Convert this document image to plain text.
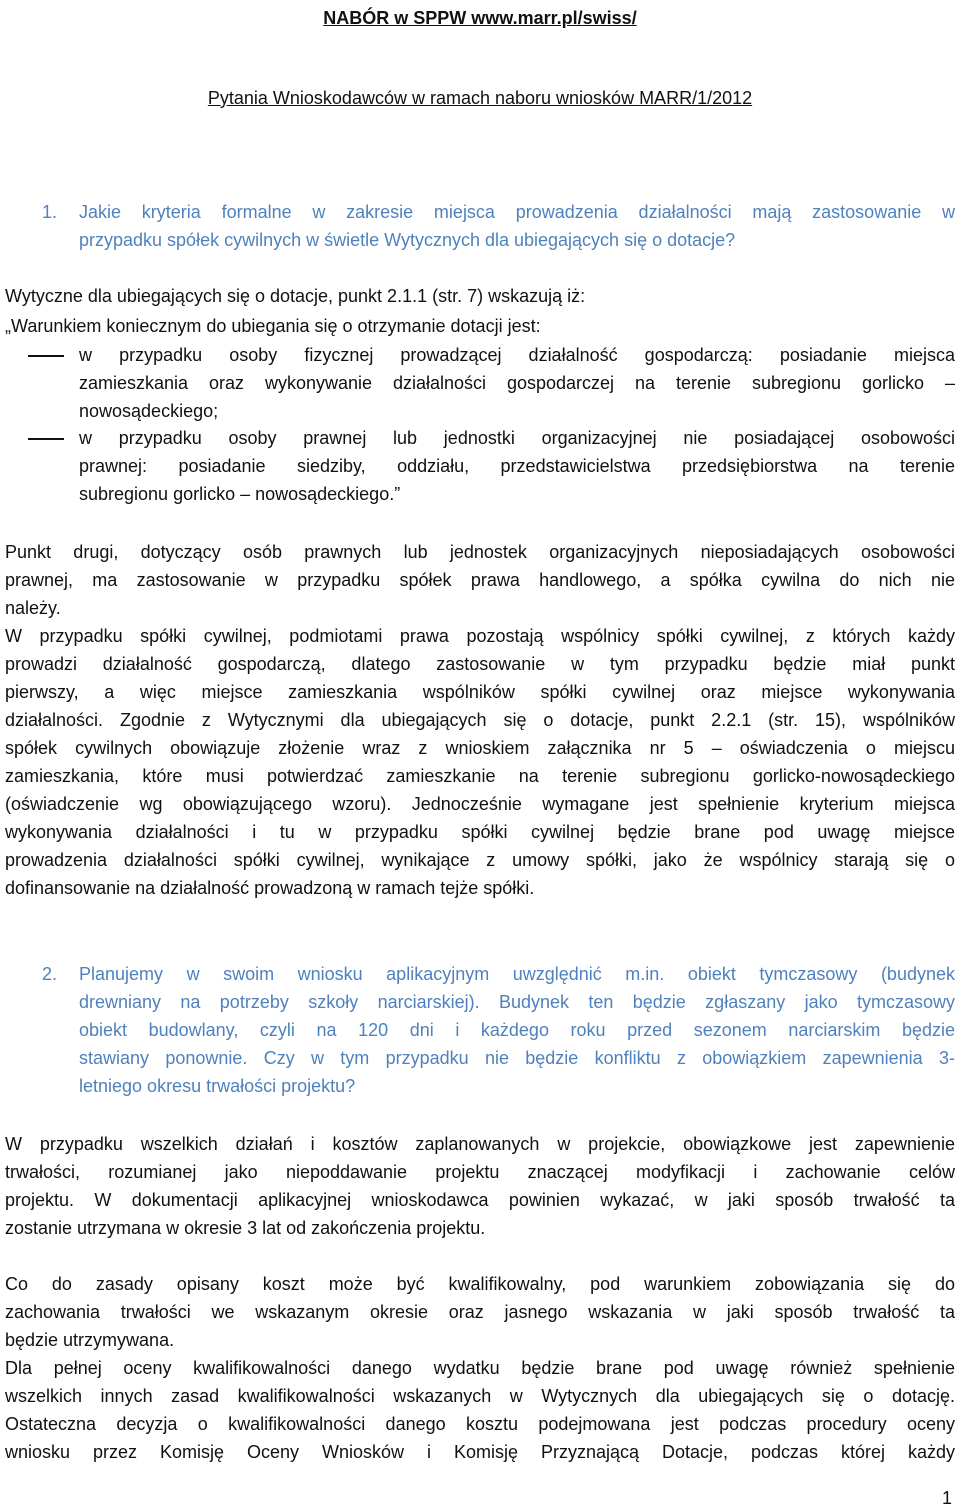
NABÓR w SPPW www.marr.pl/swiss/
Pytania Wnioskodawców w ramach naboru wniosków MARR/1/2012
1. Jakie kryteria formalne w zakresie miejsca prowadzenia działalności mają zastosowanie w
przypadku spółek cywilnych w świetle Wytycznych dla ubiegających się o dotacje?
Wytyczne dla ubiegających się o dotacje, punkt 2.1.1 (str. 7) wskazują iż:
„Warunkiem koniecznym do ubiegania się o otrzymanie dotacji jest:
w przypadku osoby fizycznej prowadzącej działalność gospodarczą: posiadanie miejsca
zamieszkania oraz wykonywanie działalności gospodarczej na terenie subregionu gorlicko –
nowosądeckiego;
w przypadku osoby prawnej lub jednostki organizacyjnej nie posiadającej osobowości
prawnej: posiadanie siedziby, oddziału, przedstawicielstwa przedsiębiorstwa na terenie
subregionu gorlicko – nowosądeckiego.”
Punkt drugi, dotyczący osób prawnych lub jednostek organizacyjnych nieposiadających osobowości
prawnej, ma zastosowanie w przypadku spółek prawa handlowego, a spółka cywilna do nich nie
należy.
W przypadku spółki cywilnej, podmiotami prawa pozostają wspólnicy spółki cywilnej, z których każdy
prowadzi działalność gospodarczą, dlatego zastosowanie w tym przypadku będzie miał punkt
pierwszy, a więc miejsce zamieszkania wspólników spółki cywilnej oraz miejsce wykonywania
działalności. Zgodnie z Wytycznymi dla ubiegających się o dotacje, punkt 2.2.1 (str. 15), wspólników
spółek cywilnych obowiązuje złożenie wraz z wnioskiem załącznika nr 5 – oświadczenia o miejscu
zamieszkania, które musi potwierdzać zamieszkanie na terenie subregionu gorlicko-nowosądeckiego
(oświadczenie wg obowiązującego wzoru). Jednocześnie wymagane jest spełnienie kryterium miejsca
wykonywania działalności i tu w przypadku spółki cywilnej będzie brane pod uwagę miejsce
prowadzenia działalności spółki cywilnej, wynikające z umowy spółki, jako że wspólnicy starają się o
dofinansowanie na działalność prowadzoną w ramach tejże spółki.
2. Planujemy w swoim wniosku aplikacyjnym uwzględnić m.in. obiekt tymczasowy (budynek
drewniany na potrzeby szkoły narciarskiej). Budynek ten będzie zgłaszany jako tymczasowy
obiekt budowlany, czyli na 120 dni i każdego roku przed sezonem narciarskim będzie
stawiany ponownie. Czy w tym przypadku nie będzie konfliktu z obowiązkiem zapewnienia 3-
letniego okresu trwałości projektu?
W przypadku wszelkich działań i kosztów zaplanowanych w projekcie, obowiązkowe jest zapewnienie
trwałości, rozumianej jako niepoddawanie projektu znaczącej modyfikacji i zachowanie celów
projektu. W dokumentacji aplikacyjnej wnioskodawca powinien wykazać, w jaki sposób trwałość ta
zostanie utrzymana w okresie 3 lat od zakończenia projektu.
Co do zasady opisany koszt może być kwalifikowalny, pod warunkiem zobowiązania się do
zachowania trwałości we wskazanym okresie oraz jasnego wskazania w jaki sposób trwałość ta
będzie utrzymywana.
Dla pełnej oceny kwalifikowalności danego wydatku będzie brane pod uwagę również spełnienie
wszelkich innych zasad kwalifikowalności wskazanych w Wytycznych dla ubiegających się o dotację.
Ostateczna decyzja o kwalifikowalności danego kosztu podejmowana jest podczas procedury oceny
wniosku przez Komisję Oceny Wniosków i Komisję Przyznającą Dotacje, podczas której każdy
1
